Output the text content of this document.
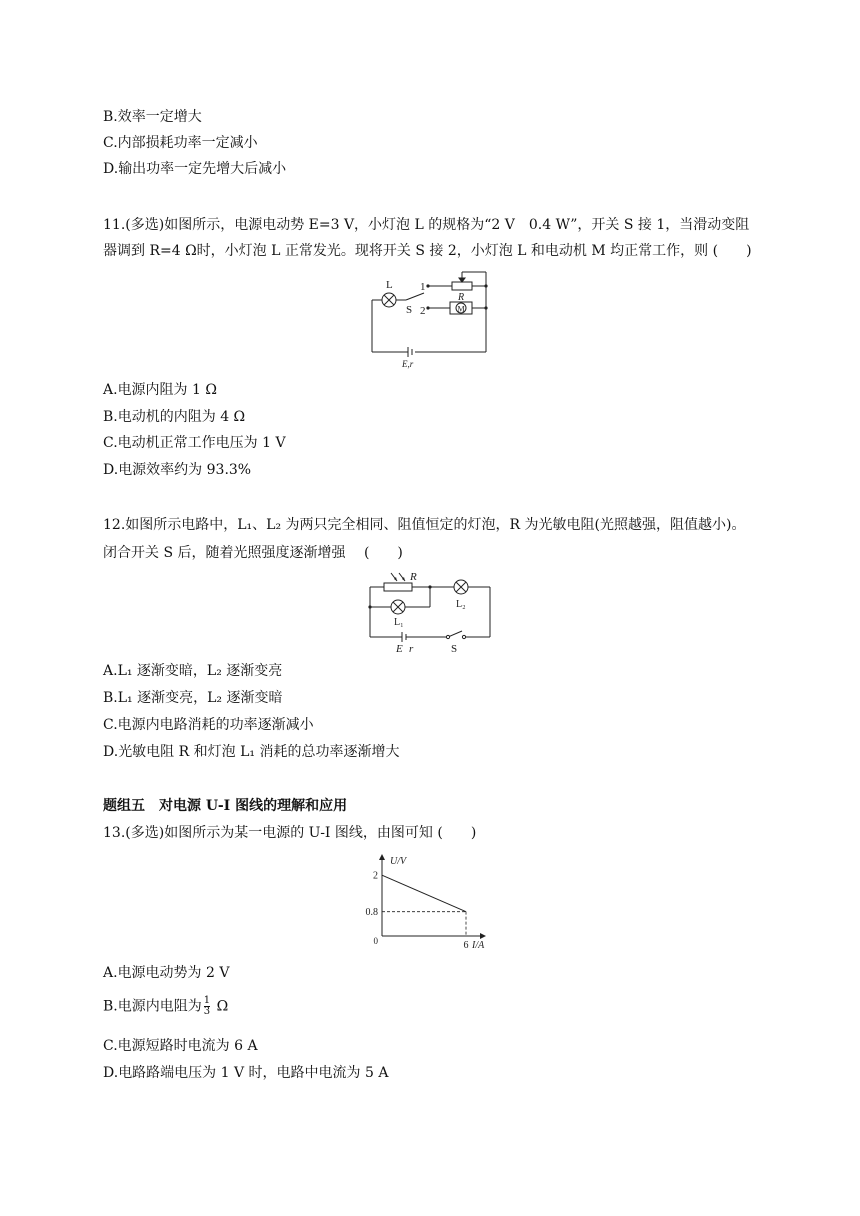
B.效率一定增大
C.内部损耗功率一定减小
D.输出功率一定先增大后减小
11.(多选)如图所示，电源电动势 E=3 V，小灯泡 L 的规格为“2 V　0.4 W”，开关 S 接 1，当滑动变阻
器调到 R=4 Ω时，小灯泡 L 正常发光。现将开关 S 接 2，小灯泡 L 和电动机 M 均正常工作，则 (　　)
L
S
1
2
R
M
E,r
A.电源内阻为 1 Ω
B.电动机的内阻为 4 Ω
C.电动机正常工作电压为 1 V
D.电源效率约为 93.3%
12.如图所示电路中，L₁、L₂ 为两只完全相同、阻值恒定的灯泡，R 为光敏电阻(光照越强，阻值越小)。
闭合开关 S 后，随着光照强度逐渐增强　 (　　)
R
L₂
L₁
E r	S
A.L₁ 逐渐变暗，L₂ 逐渐变亮
B.L₁ 逐渐变亮，L₂ 逐渐变暗
C.电源内电路消耗的功率逐渐减小
D.光敏电阻 R 和灯泡 L₁ 消耗的总功率逐渐增大
题组五　对电源 U-I 图线的理解和应用
13.(多选)如图所示为某一电源的 U-I 图线，由图可知 (　　)
2
0.8
6
U/V
I/A
0
A.电源电动势为 2 V
B.电源内电阻为 $\frac{1}{3}$ Ω
C.电源短路时电流为 6 A
D.电路路端电压为 1 V 时，电路中电流为 5 A
